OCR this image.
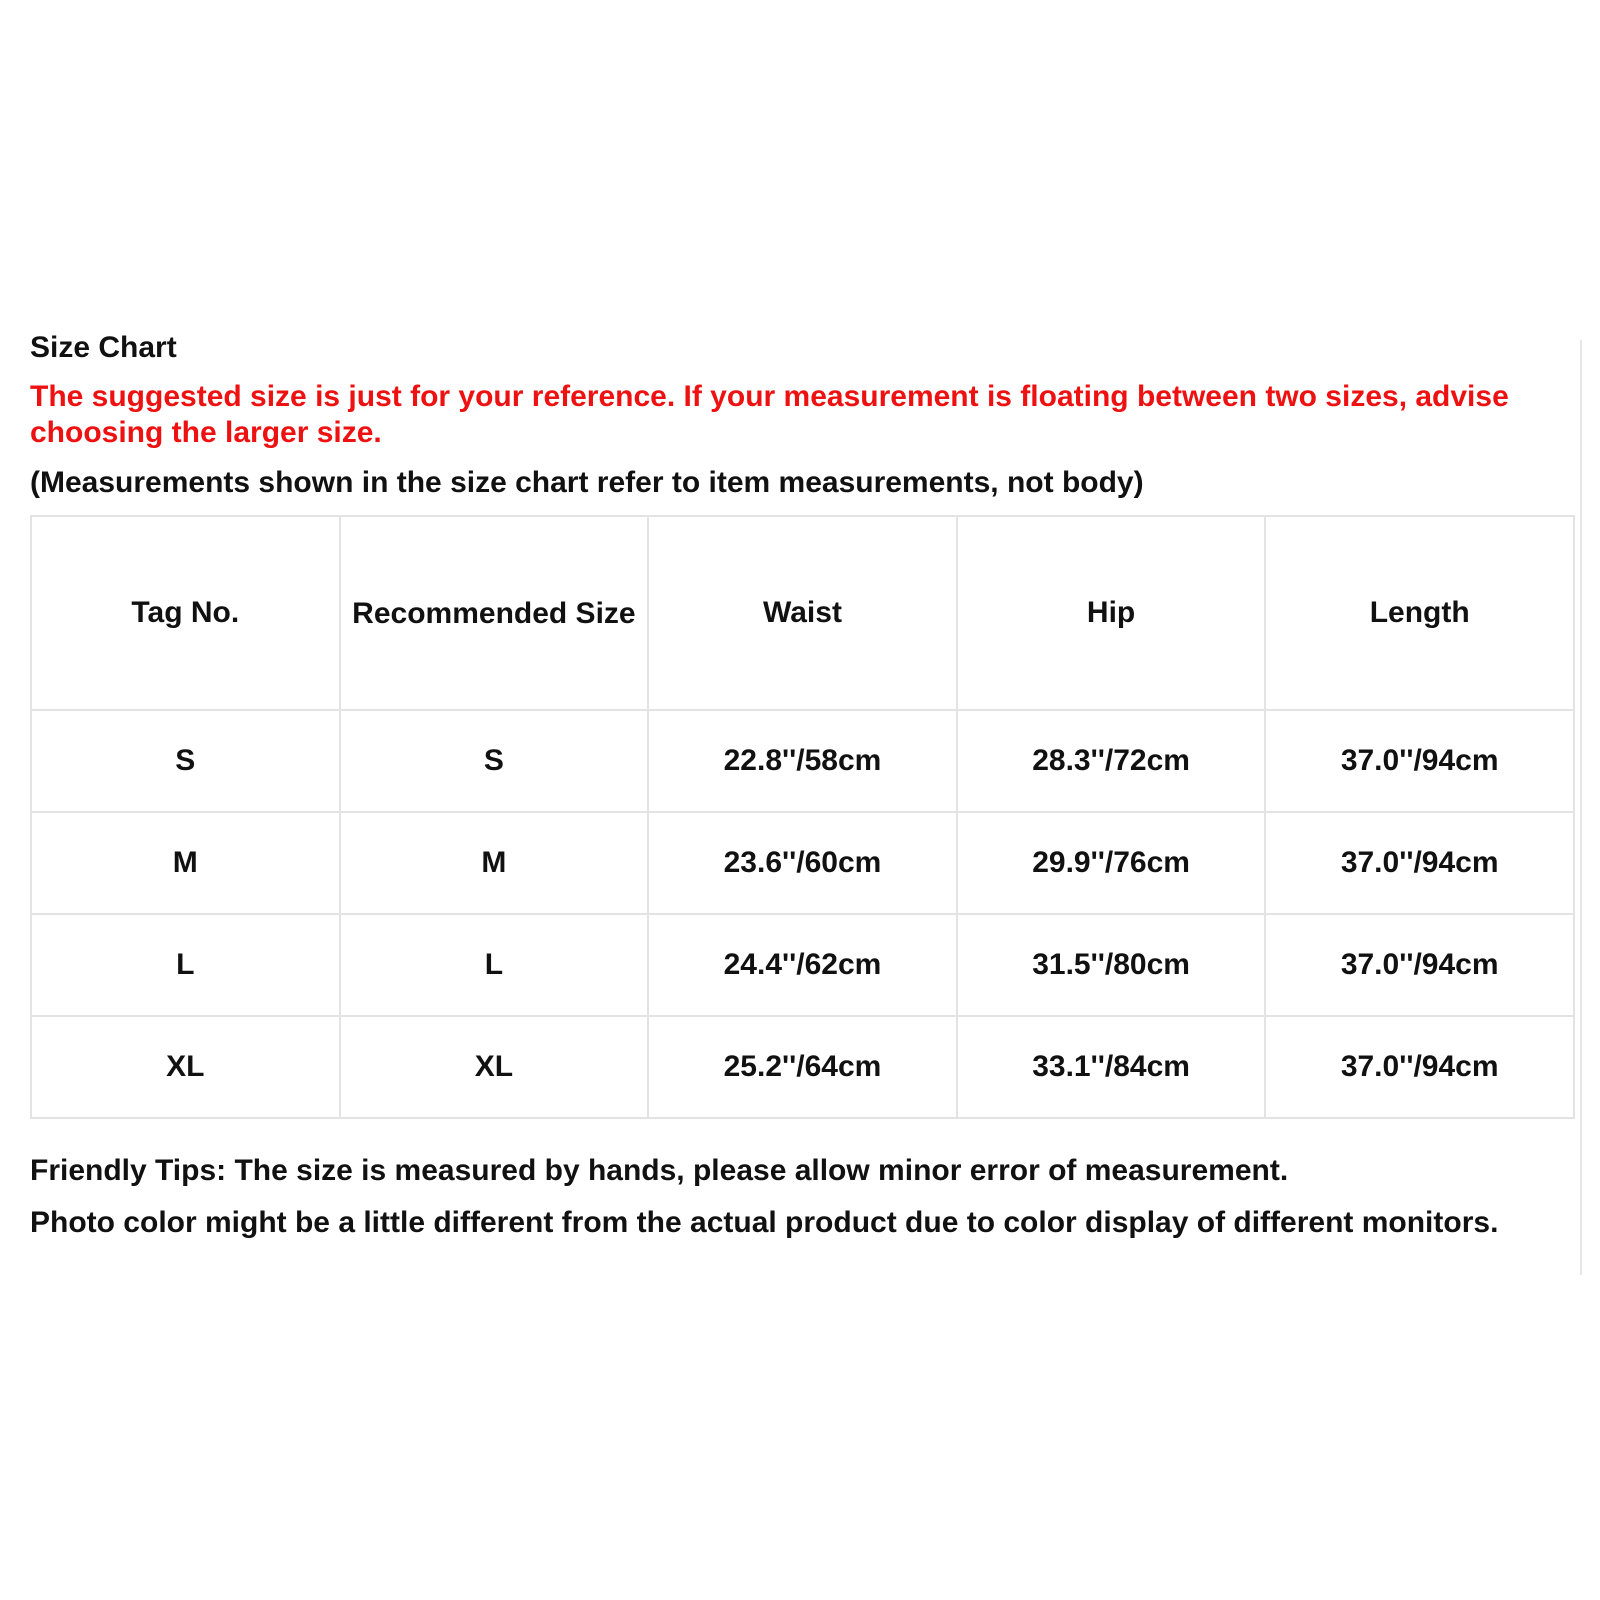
Size Chart
The suggested size is just for your reference. If your measurement is floating between two sizes, advise choosing the larger size.
(Measurements shown in the size chart refer to item measurements, not body)
Tag No.	Recommended Size	Waist	Hip	Length
S	S	22.8''/58cm	28.3''/72cm	37.0''/94cm
M	M	23.6''/60cm	29.9''/76cm	37.0''/94cm
L	L	24.4''/62cm	31.5''/80cm	37.0''/94cm
XL	XL	25.2''/64cm	33.1''/84cm	37.0''/94cm

Friendly Tips: The size is measured by hands, please allow minor error of measurement.

Photo color might be a little different from the actual product due to color display of different monitors.
